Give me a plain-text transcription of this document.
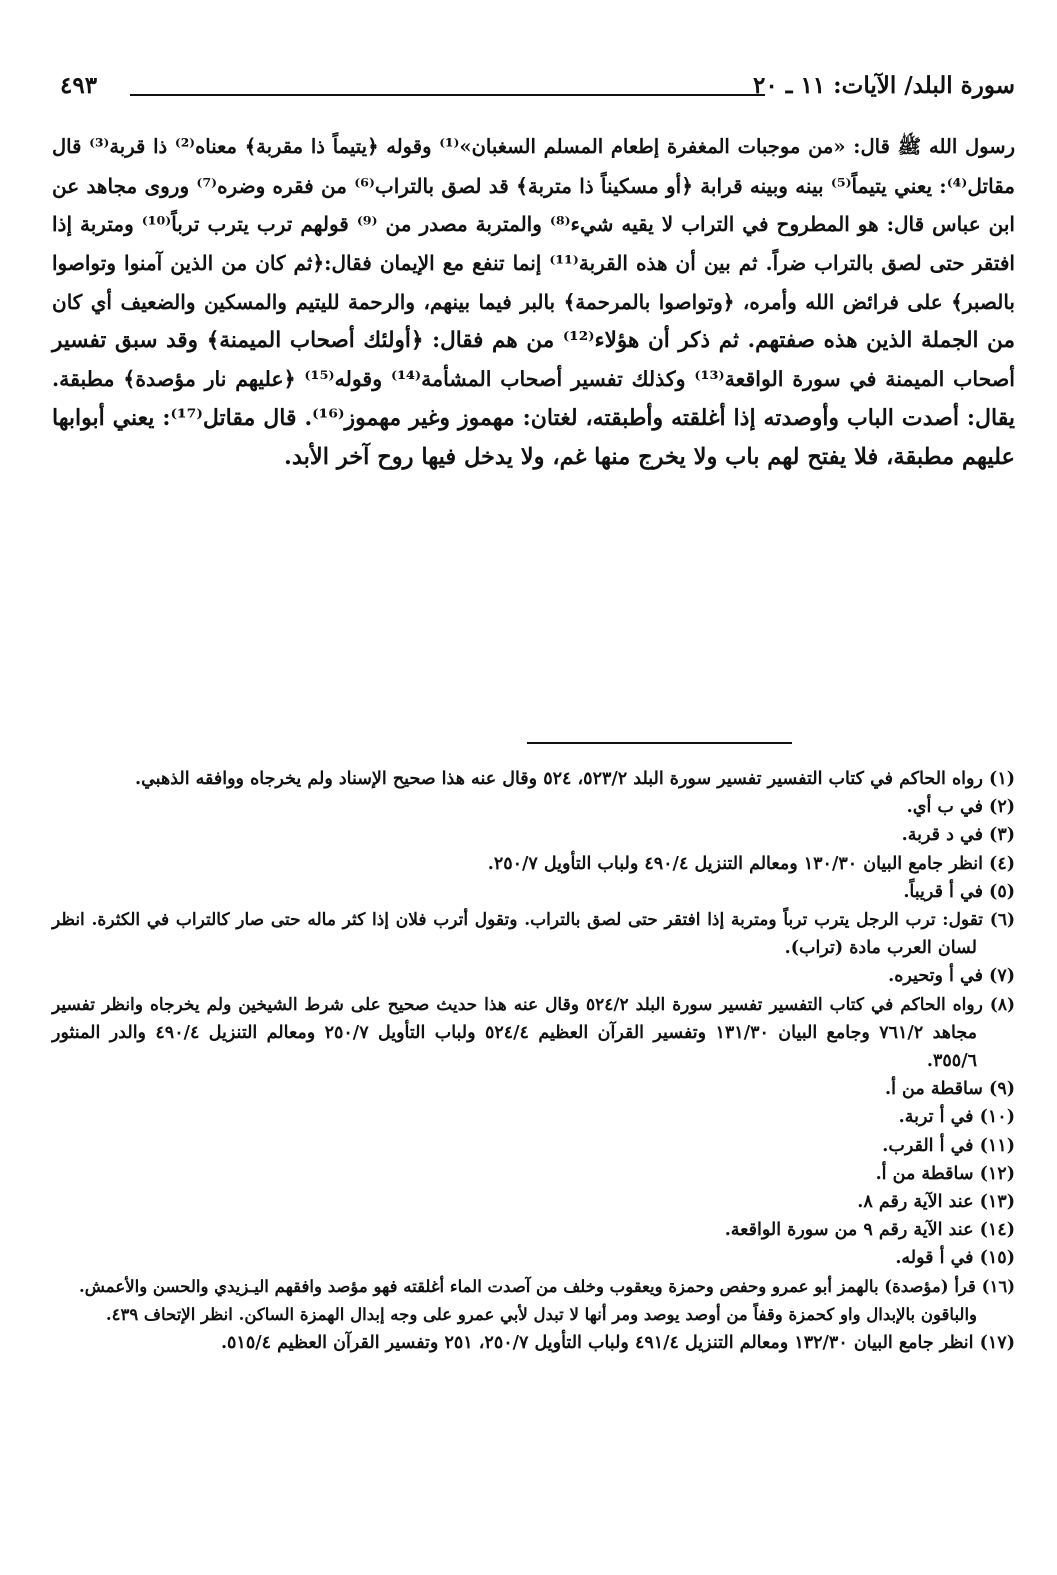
سورة البلد/ الآيات: ١١ ـ ٢٠
٤٩٣
رسول الله ﷺ قال: «من موجبات المغفرة إطعام المسلم السغبان»⁽¹⁾ وقوله ﴿يتيماً ذا مقربة﴾ معناه⁽²⁾ ذا قربة⁽³⁾ قال
مقاتل⁽⁴⁾: يعني يتيماً⁽⁵⁾ بينه وبينه قرابة ﴿أو مسكيناً ذا متربة﴾ قد لصق بالتراب⁽⁶⁾ من فقره وضره⁽⁷⁾ وروى مجاهد عن
ابن عباس قال: هو المطروح في التراب لا يقيه شيء⁽⁸⁾ والمتربة مصدر من ⁽⁹⁾ قولهم ترب يترب ترباً⁽¹⁰⁾ ومتربة إذا
افتقر حتى لصق بالتراب ضراً. ثم بين أن هذه القربة⁽¹¹⁾ إنما تنفع مع الإيمان فقال:﴿ثم كان من الذين آمنوا وتواصوا
بالصبر﴾ على فرائض الله وأمره، ﴿وتواصوا بالمرحمة﴾ بالبر فيما بينهم، والرحمة لليتيم والمسكين والضعيف أي كان
من الجملة الذين هذه صفتهم. ثم ذكر أن هؤلاء⁽¹²⁾ من هم فقال: ﴿أولئك أصحاب الميمنة﴾ وقد سبق تفسير
أصحاب الميمنة في سورة الواقعة⁽¹³⁾ وكذلك تفسير أصحاب المشأمة⁽¹⁴⁾ وقوله⁽¹⁵⁾ ﴿عليهم نار مؤصدة﴾ مطبقة.
يقال: أصدت الباب وأوصدته إذا أغلقته وأطبقته، لغتان: مهموز وغير مهموز⁽¹⁶⁾. قال مقاتل⁽¹⁷⁾: يعني أبوابها
عليهم مطبقة، فلا يفتح لهم باب ولا يخرج منها غم، ولا يدخل فيها روح آخر الأبد.
(١) رواه الحاكم في كتاب التفسير تفسير سورة البلد ٥٢٣/٢، ٥٢٤ وقال عنه هذا صحيح الإسناد ولم يخرجاه ووافقه الذهبي.
(٢) في ب أي.
(٣) في د قربة.
(٤) انظر جامع البيان ١٣٠/٣٠ ومعالم التنزيل ٤٩٠/٤ ولباب التأويل ٢٥٠/٧.
(٥) في أ قريباً.
(٦) تقول: ترب الرجل يترب ترباً ومتربة إذا افتقر حتى لصق بالتراب. وتقول أترب فلان إذا كثر ماله حتى صار كالتراب في الكثرة. انظر
لسان العرب مادة (تراب).
(٧) في أ وتحيره.
(٨) رواه الحاكم في كتاب التفسير تفسير سورة البلد ٥٢٤/٢ وقال عنه هذا حديث صحيح على شرط الشيخين ولم يخرجاه وانظر تفسير
مجاهد ٧٦١/٢ وجامع البيان ١٣١/٣٠ وتفسير القرآن العظيم ٥٢٤/٤ ولباب التأويل ٢٥٠/٧ ومعالم التنزيل ٤٩٠/٤ والدر المنثور
٣٥٥/٦.
(٩) ساقطة من أ.
(١٠) في أ تربة.
(١١) في أ القرب.
(١٢) ساقطة من أ.
(١٣) عند الآية رقم ٨.
(١٤) عند الآية رقم ٩ من سورة الواقعة.
(١٥) في أ قوله.
(١٦) قرأ (مؤصدة) بالهمز أبو عمرو وحفص وحمزة ويعقوب وخلف من آصدت الماء أغلقته فهو مؤصد وافقهم اليـزيدي والحسن والأعمش.
والباقون بالإبدال واو كحمزة وقفاً من أوصد يوصد ومر أنها لا تبدل لأبي عمرو على وجه إبدال الهمزة الساكن. انظر الإتحاف ٤٣٩.
(١٧) انظر جامع البيان ١٣٢/٣٠ ومعالم التنزيل ٤٩١/٤ ولباب التأويل ٢٥٠/٧، ٢٥١ وتفسير القرآن العظيم ٥١٥/٤.
